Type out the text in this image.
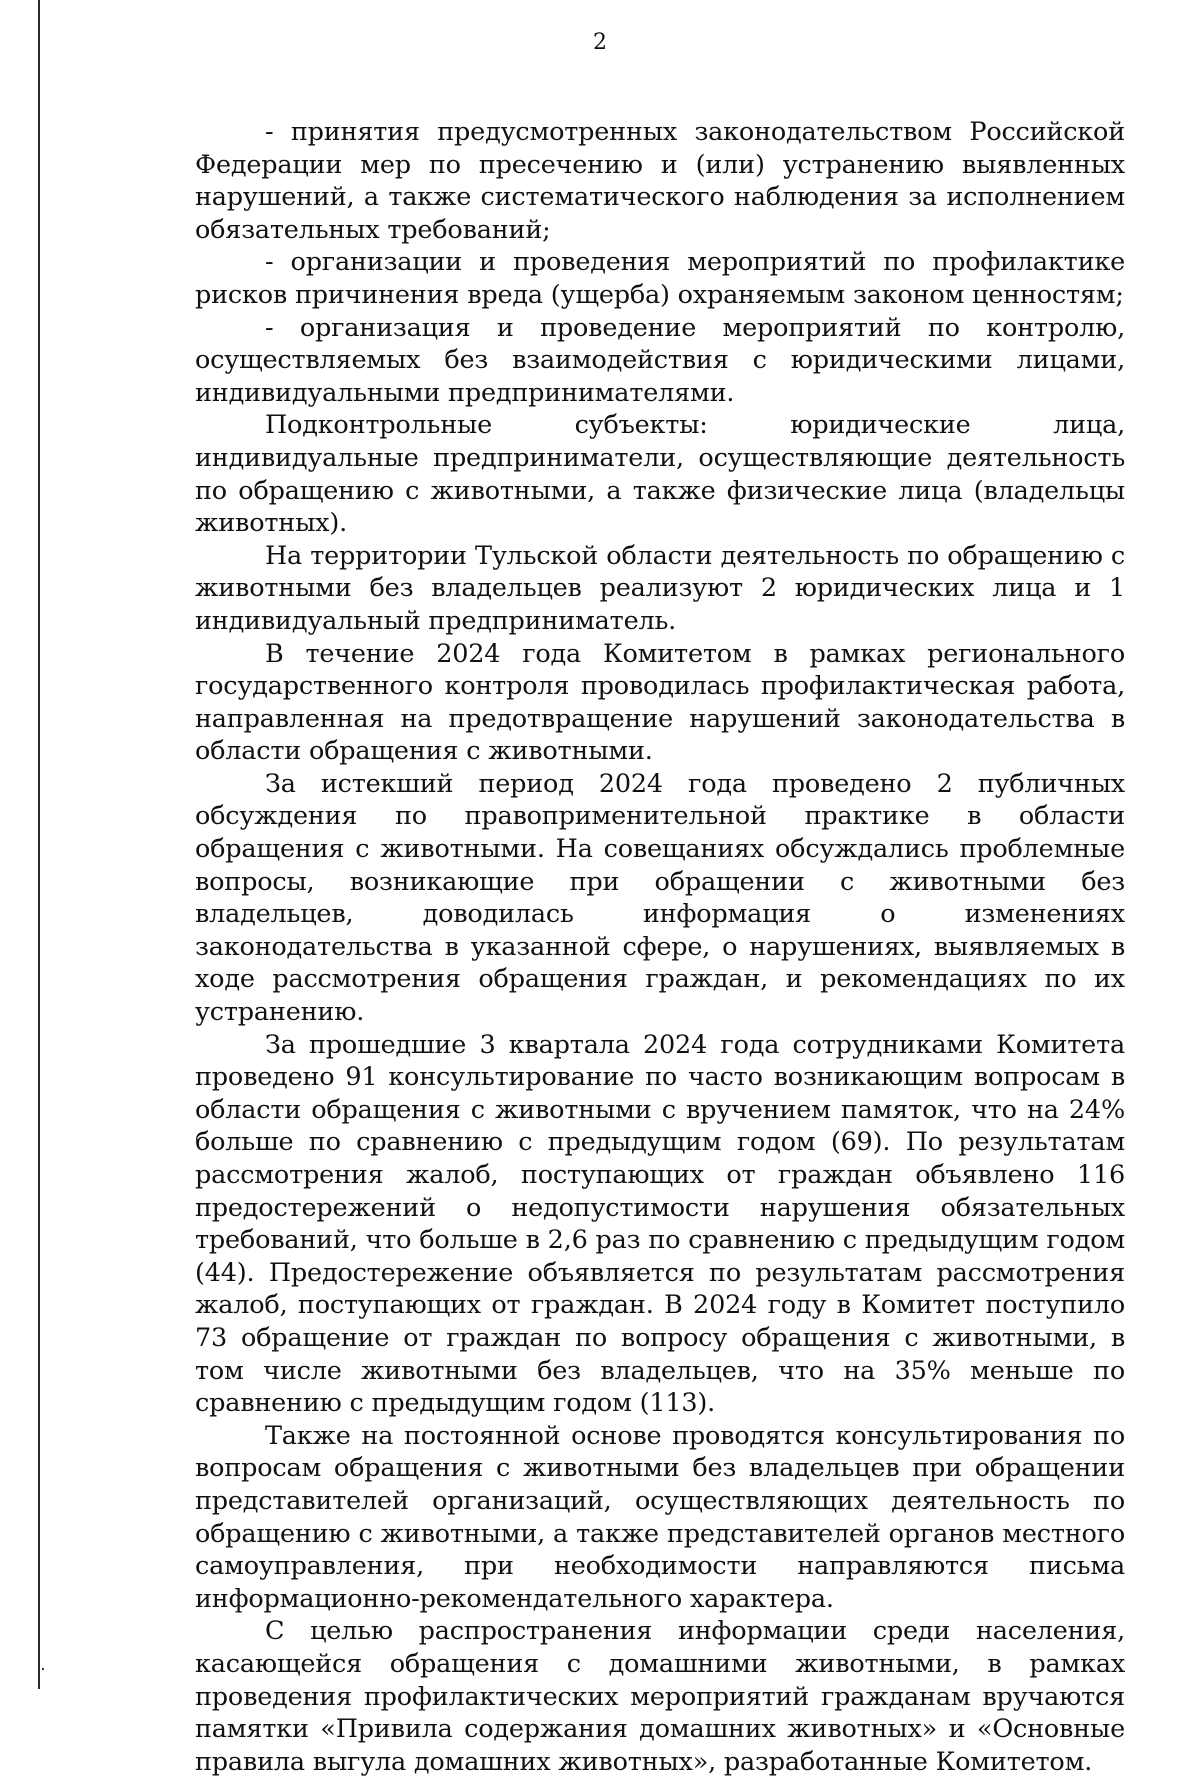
2

- принятия предусмотренных законодательством Российской Федерации мер по пресечению и (или) устранению выявленных нарушений, а также систематического наблюдения за исполнением обязательных требований;

- организации и проведения мероприятий по профилактике рисков причинения вреда (ущерба) охраняемым законом ценностям;

- организация и проведение мероприятий по контролю, осуществляемых без взаимодействия с юридическими лицами, индивидуальными предпринимателями.

Подконтрольные субъекты: юридические лица, индивидуальные предприниматели, осуществляющие деятельность по обращению с животными, а также физические лица (владельцы животных).

На территории Тульской области деятельность по обращению с животными без владельцев реализуют 2 юридических лица и 1 индивидуальный предприниматель.

В течение 2024 года Комитетом в рамках регионального государственного контроля проводилась профилактическая работа, направленная на предотвращение нарушений законодательства в области обращения с животными.

За истекший период 2024 года проведено 2 публичных обсуждения по правоприменительной практике в области обращения с животными. На совещаниях обсуждались проблемные вопросы, возникающие при обращении с животными без владельцев, доводилась информация о изменениях законодательства в указанной сфере, о нарушениях, выявляемых в ходе рассмотрения обращения граждан, и рекомендациях по их устранению.

За прошедшие 3 квартала 2024 года сотрудниками Комитета проведено 91 консультирование по часто возникающим вопросам в области обращения с животными с вручением памяток, что на 24% больше по сравнению с предыдущим годом (69). По результатам рассмотрения жалоб, поступающих от граждан объявлено 116 предостережений о недопустимости нарушения обязательных требований, что больше в 2,6 раз по сравнению с предыдущим годом (44). Предостережение объявляется по результатам рассмотрения жалоб, поступающих от граждан. В 2024 году в Комитет поступило 73 обращение от граждан по вопросу обращения с животными, в том числе животными без владельцев, что на 35% меньше по сравнению с предыдущим годом (113).

Также на постоянной основе проводятся консультирования по вопросам обращения с животными без владельцев при обращении представителей организаций, осуществляющих деятельность по обращению с животными, а также представителей органов местного самоуправления, при необходимости направляются письма информационно-рекомендательного характера.

С целью распространения информации среди населения, касающейся обращения с домашними животными, в рамках проведения профилактических мероприятий гражданам вручаются памятки «Привила содержания домашних животных» и «Основные правила выгула домашних животных», разработанные Комитетом.
